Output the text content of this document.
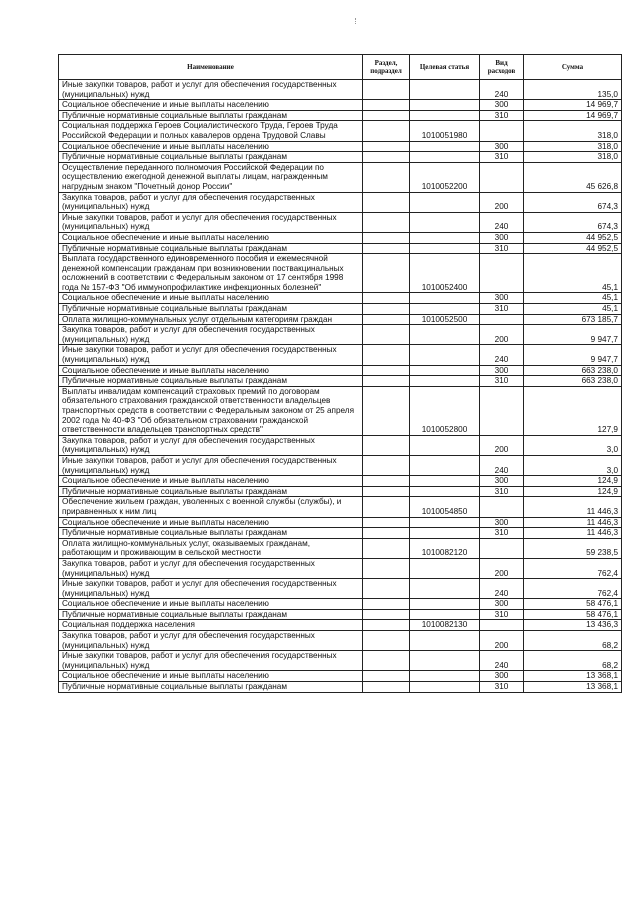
Наименование	Раздел, подраздел	Целевая статья	Вид расходов	Сумма
Иные закупки товаров, работ и услуг для обеспечения государственных (муниципальных) нужд			240	135,0
Социальное обеспечение и иные выплаты населению			300	14 969,7
Публичные нормативные социальные выплаты гражданам			310	14 969,7
Социальная поддержка Героев Социалистического Труда, Героев Труда Российской Федерации и полных кавалеров ордена Трудовой Славы		1010051980		318,0
Социальное обеспечение и иные выплаты населению			300	318,0
Публичные нормативные социальные выплаты гражданам			310	318,0
Осуществление переданного полномочия Российской Федерации по осуществлению ежегодной денежной выплаты лицам, награжденным нагрудным знаком "Почетный донор России"		1010052200		45 626,8
Закупка товаров, работ и услуг для обеспечения государственных (муниципальных) нужд			200	674,3
Иные закупки товаров, работ и услуг для обеспечения государственных (муниципальных) нужд			240	674,3
Социальное обеспечение и иные выплаты населению			300	44 952,5
Публичные нормативные социальные выплаты гражданам			310	44 952,5
Выплата государственного единовременного пособия и ежемесячной денежной компенсации гражданам при возникновении поствакцинальных осложнений в соответствии с Федеральным законом от 17 сентября 1998 года № 157-ФЗ "Об иммунопрофилактике инфекционных болезней"		1010052400		45,1
Социальное обеспечение и иные выплаты населению			300	45,1
Публичные нормативные социальные выплаты гражданам			310	45,1
Оплата жилищно-коммунальных услуг отдельным категориям граждан		1010052500		673 185,7
Закупка товаров, работ и услуг для обеспечения государственных (муниципальных) нужд			200	9 947,7
Иные закупки товаров, работ и услуг для обеспечения государственных (муниципальных) нужд			240	9 947,7
Социальное обеспечение и иные выплаты населению			300	663 238,0
Публичные нормативные социальные выплаты гражданам			310	663 238,0
Выплаты инвалидам компенсаций страховых премий по договорам обязательного страхования гражданской ответственности владельцев транспортных средств в соответствии с Федеральным законом от 25 апреля 2002 года № 40-ФЗ "Об обязательном страховании гражданской ответственности владельцев транспортных средств"		1010052800		127,9
Закупка товаров, работ и услуг для обеспечения государственных (муниципальных) нужд			200	3,0
Иные закупки товаров, работ и услуг для обеспечения государственных (муниципальных) нужд			240	3,0
Социальное обеспечение и иные выплаты населению			300	124,9
Публичные нормативные социальные выплаты гражданам			310	124,9
Обеспечение жильем граждан, уволенных с военной службы (службы), и приравненных к ним лиц		1010054850		11 446,3
Социальное обеспечение и иные выплаты населению			300	11 446,3
Публичные нормативные социальные выплаты гражданам			310	11 446,3
Оплата жилищно-коммунальных услуг, оказываемых гражданам, работающим и проживающим в сельской местности		1010082120		59 238,5
Закупка товаров, работ и услуг для обеспечения государственных (муниципальных) нужд			200	762,4
Иные закупки товаров, работ и услуг для обеспечения государственных (муниципальных) нужд			240	762,4
Социальное обеспечение и иные выплаты населению			300	58 476,1
Публичные нормативные социальные выплаты гражданам			310	58 476,1
Социальная поддержка населения		1010082130		13 436,3
Закупка товаров, работ и услуг для обеспечения государственных (муниципальных) нужд			200	68,2
Иные закупки товаров, работ и услуг для обеспечения государственных (муниципальных) нужд			240	68,2
Социальное обеспечение и иные выплаты населению			300	13 368,1
Публичные нормативные социальные выплаты гражданам			310	13 368,1
